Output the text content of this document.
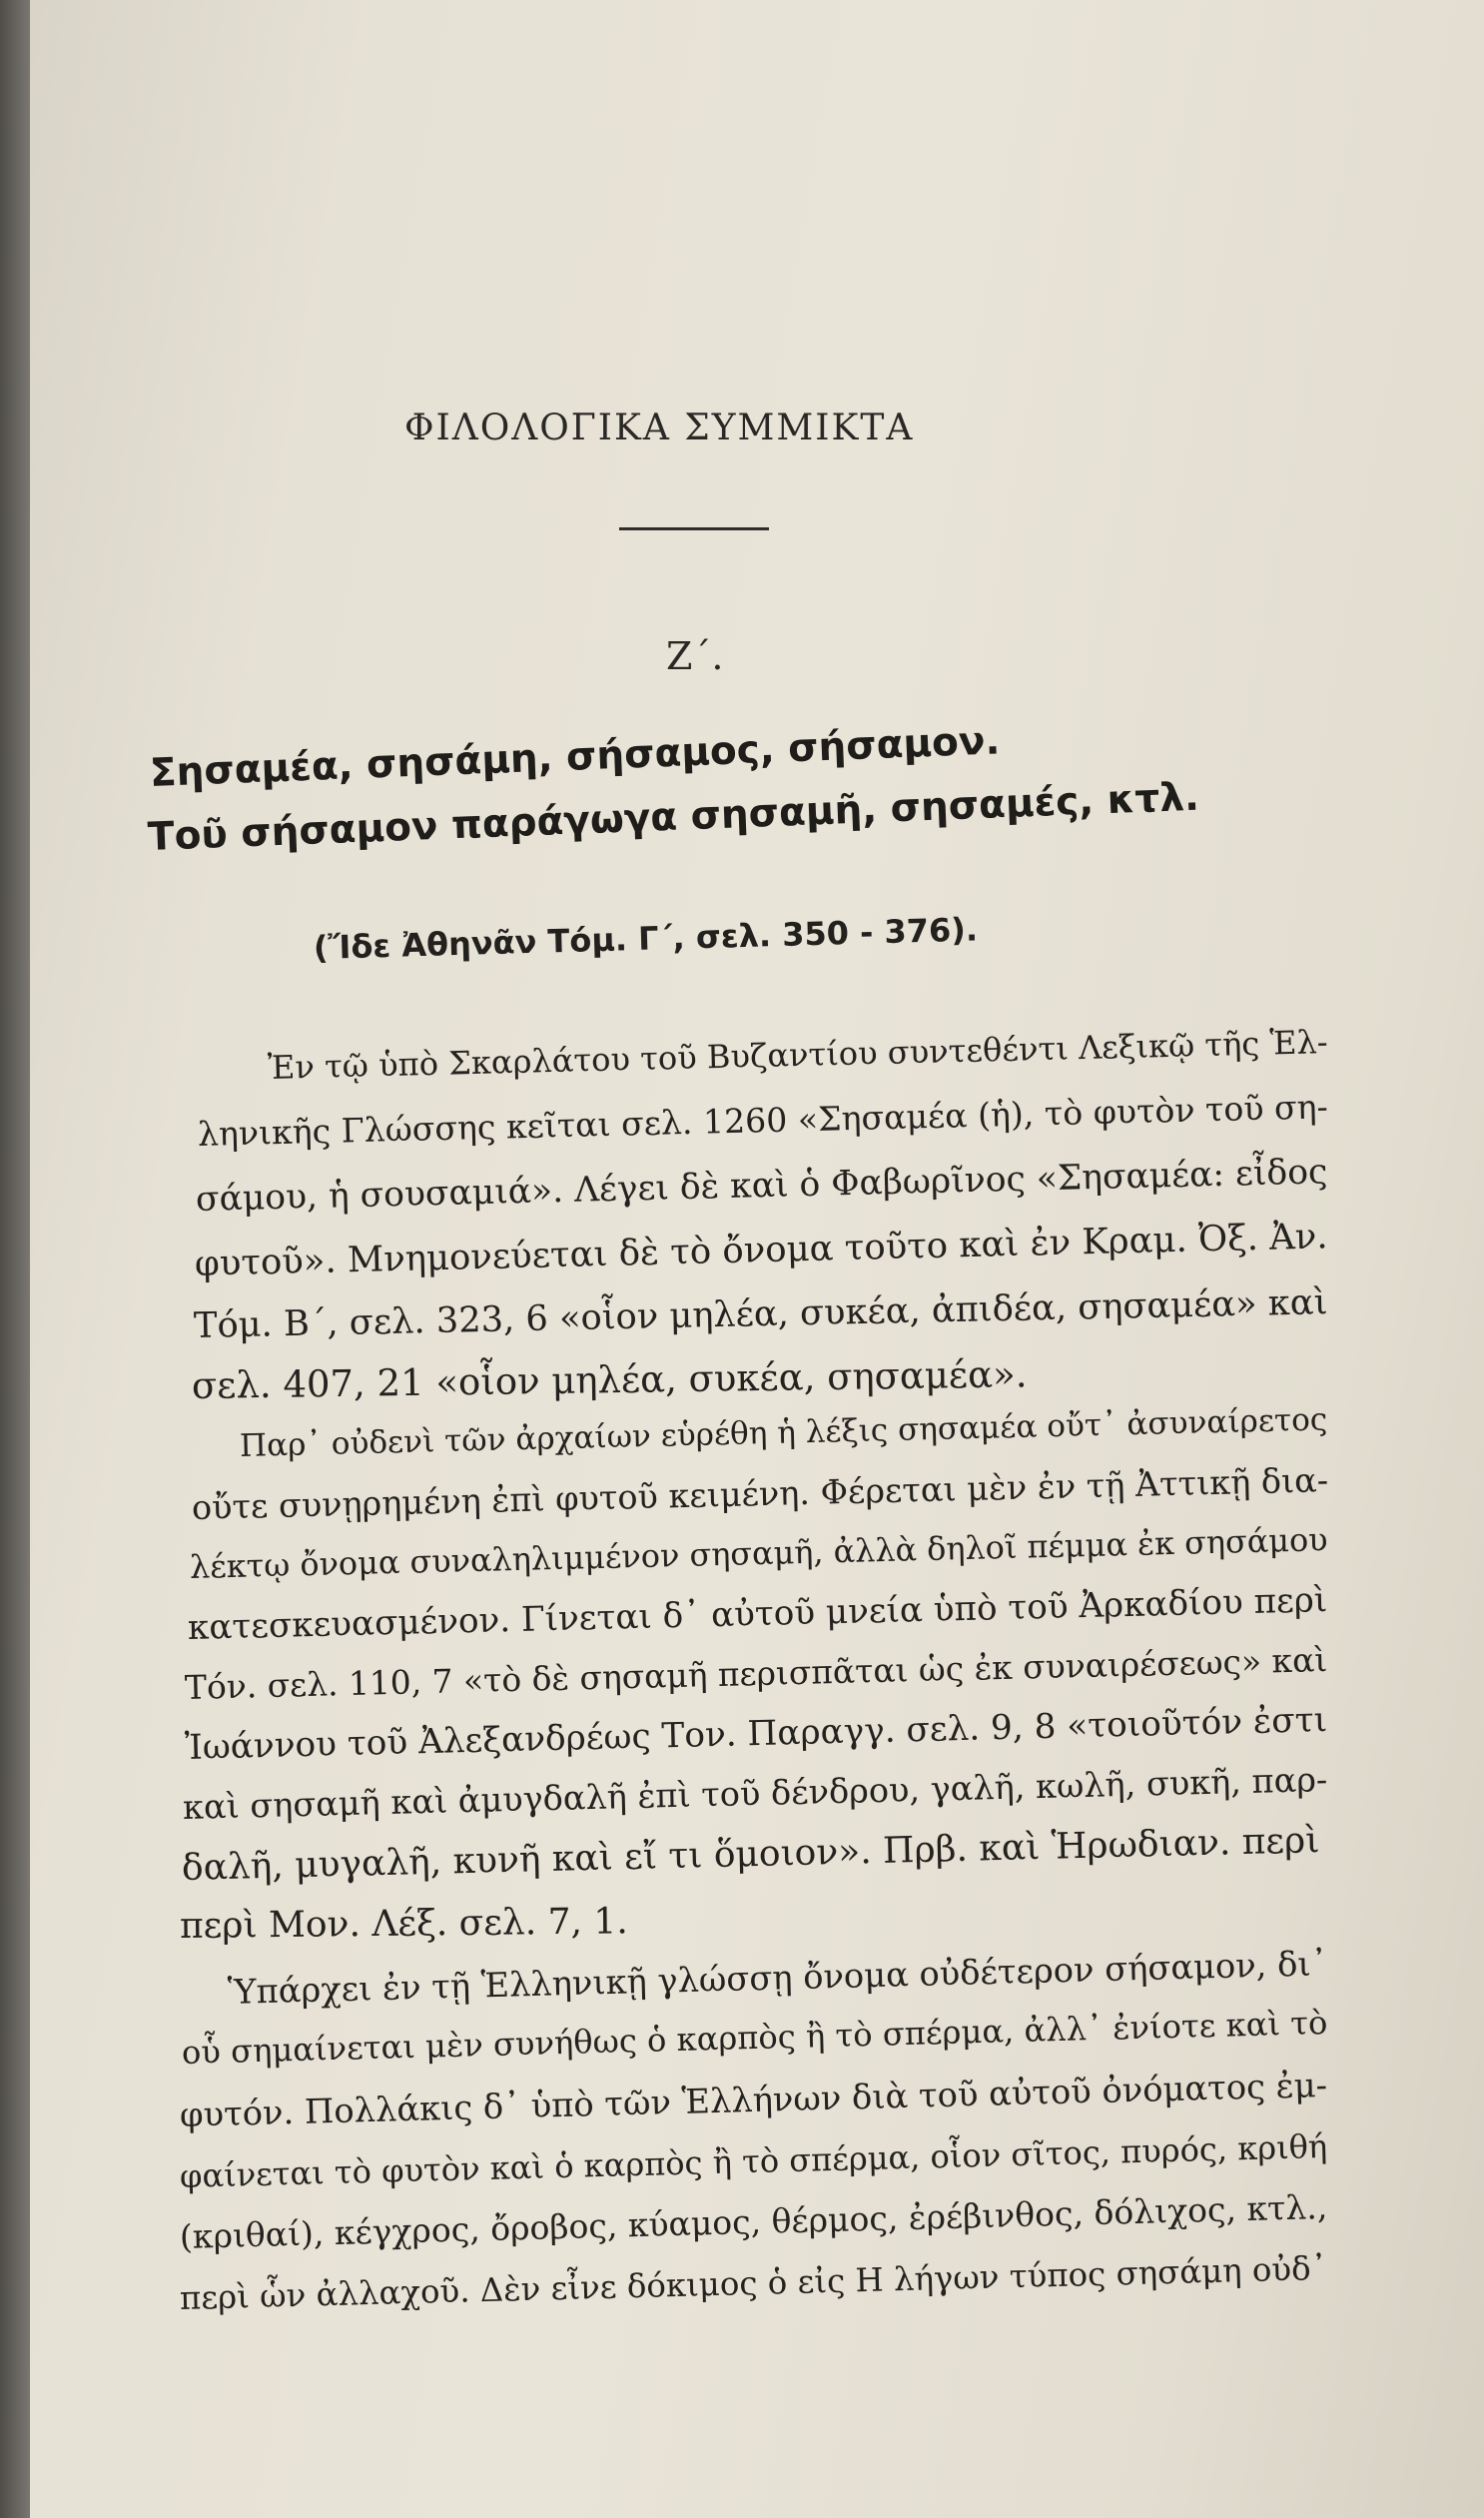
ΦΙΛΟΛΟΓΙΚΑ ΣΥΜΜΙΚΤΑ
Ζ΄.
Σησαμέα, σησάμη, σήσαμος, σήσαμον.
Τοῦ σήσαμον παράγωγα σησαμῆ, σησαμές, κτλ.
(Ἴδε Ἀθηνᾶν Τόμ. Γ΄, σελ. 350 - 376).
Ἐν τῷ ὑπὸ Σκαρλάτου τοῦ Βυζαντίου συντεθέντι Λεξικῷ τῆς Ἑλ-
ληνικῆς Γλώσσης κεῖται σελ. 1260 «Σησαμέα (ἡ), τὸ φυτὸν τοῦ ση-
σάμου, ἡ σουσαμιά». Λέγει δὲ καὶ ὁ Φαβωρῖνος «Σησαμέα: εἶδος
φυτοῦ». Μνημονεύεται δὲ τὸ ὄνομα τοῦτο καὶ ἐν Κραμ. Ὀξ. Ἀν.
Τόμ. Β΄, σελ. 323, 6 «οἷον μηλέα, συκέα, ἀπιδέα, σησαμέα» καὶ
σελ. 407, 21 «οἷον μηλέα, συκέα, σησαμέα».
Παρ᾽ οὐδενὶ τῶν ἀρχαίων εὑρέθη ἡ λέξις σησαμέα οὔτ᾽ ἀσυναίρετος
οὔτε συνῃρημένη ἐπὶ φυτοῦ κειμένη. Φέρεται μὲν ἐν τῇ Ἀττικῇ δια-
λέκτῳ ὄνομα συναληλιμμένον σησαμῆ, ἀλλὰ δηλοῖ πέμμα ἐκ σησάμου
κατεσκευασμένον. Γίνεται δ᾽ αὐτοῦ μνεία ὑπὸ τοῦ Ἀρκαδίου περὶ
Τόν. σελ. 110, 7 «τὸ δὲ σησαμῆ περισπᾶται ὡς ἐκ συναιρέσεως» καὶ
Ἰωάννου τοῦ Ἀλεξανδρέως Τον. Παραγγ. σελ. 9, 8 «τοιοῦτόν ἐστι
καὶ σησαμῆ καὶ ἀμυγδαλῆ ἐπὶ τοῦ δένδρου, γαλῆ, κωλῆ, συκῆ, παρ-
δαλῆ, μυγαλῆ, κυνῆ καὶ εἴ τι ὅμοιον». Πρβ. καὶ Ἡρωδιαν. περὶ
περὶ Μον. Λέξ. σελ. 7, 1.
Ὑπάρχει ἐν τῇ Ἑλληνικῇ γλώσσῃ ὄνομα οὐδέτερον σήσαμον, δι᾽
οὗ σημαίνεται μὲν συνήθως ὁ καρπὸς ἢ τὸ σπέρμα, ἀλλ᾽ ἐνίοτε καὶ τὸ
φυτόν. Πολλάκις δ᾽ ὑπὸ τῶν Ἑλλήνων διὰ τοῦ αὐτοῦ ὀνόματος ἐμ-
φαίνεται τὸ φυτὸν καὶ ὁ καρπὸς ἢ τὸ σπέρμα, οἷον σῖτος, πυρός, κριθή
(κριθαί), κέγχρος, ὄροβος, κύαμος, θέρμος, ἐρέβινθος, δόλιχος, κτλ.,
περὶ ὧν ἀλλαχοῦ. Δὲν εἶνε δόκιμος ὁ εἰς Η λήγων τύπος σησάμη οὐδ᾽
